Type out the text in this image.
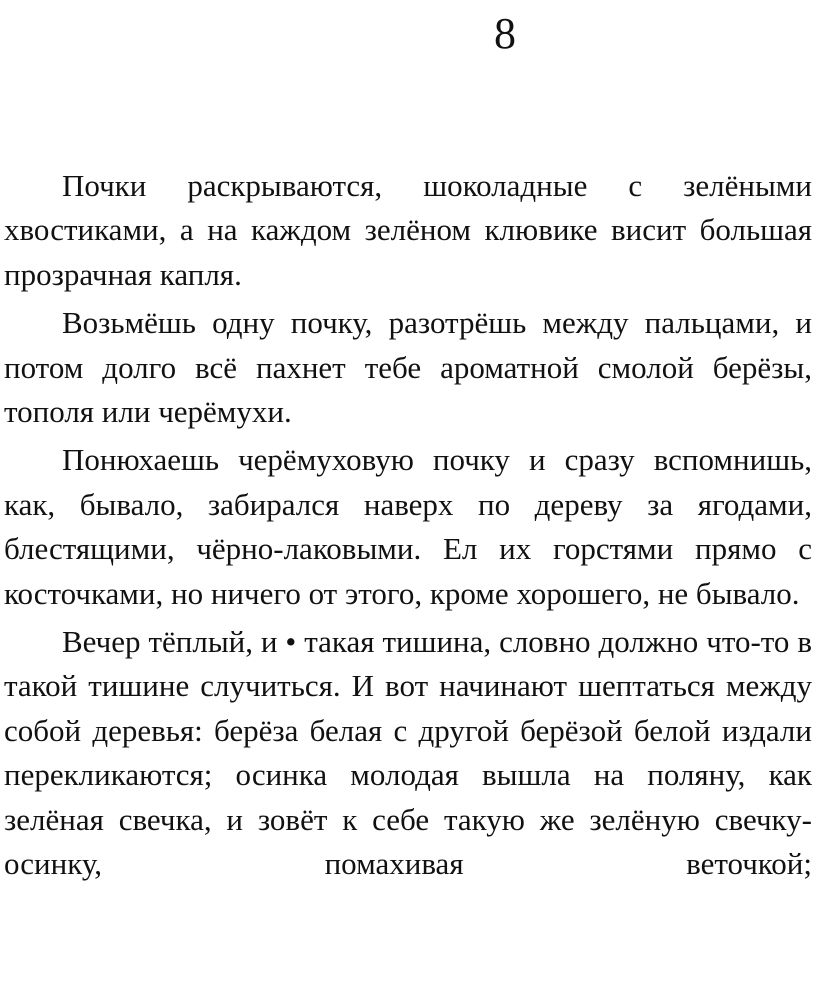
8

Почки раскрываются, шоколадные с зелёными хвостиками, а на каждом зелёном клювике висит большая прозрачная капля.

Возьмёшь одну почку, разотрёшь между пальцами, и потом долго всё пахнет тебе ароматной смолой берёзы, тополя или черёмухи.

Понюхаешь черёмуховую почку и сразу вспомнишь, как, бывало, забирался наверх по дереву за ягодами, блестящими, чёрно-лаковыми. Ел их горстями прямо с косточками, но ничего от этого, кроме хорошего, не бывало.

Вечер тёплый, и • такая тишина, словно должно что-то в такой тишине случиться. И вот начинают шептаться между собой деревья: берёза белая с другой берёзой белой издали перекликаются; осинка молодая вышла на поляну, как зелёная свечка, и зовёт к себе такую же зелёную свечку-осинку, помахивая веточкой;
